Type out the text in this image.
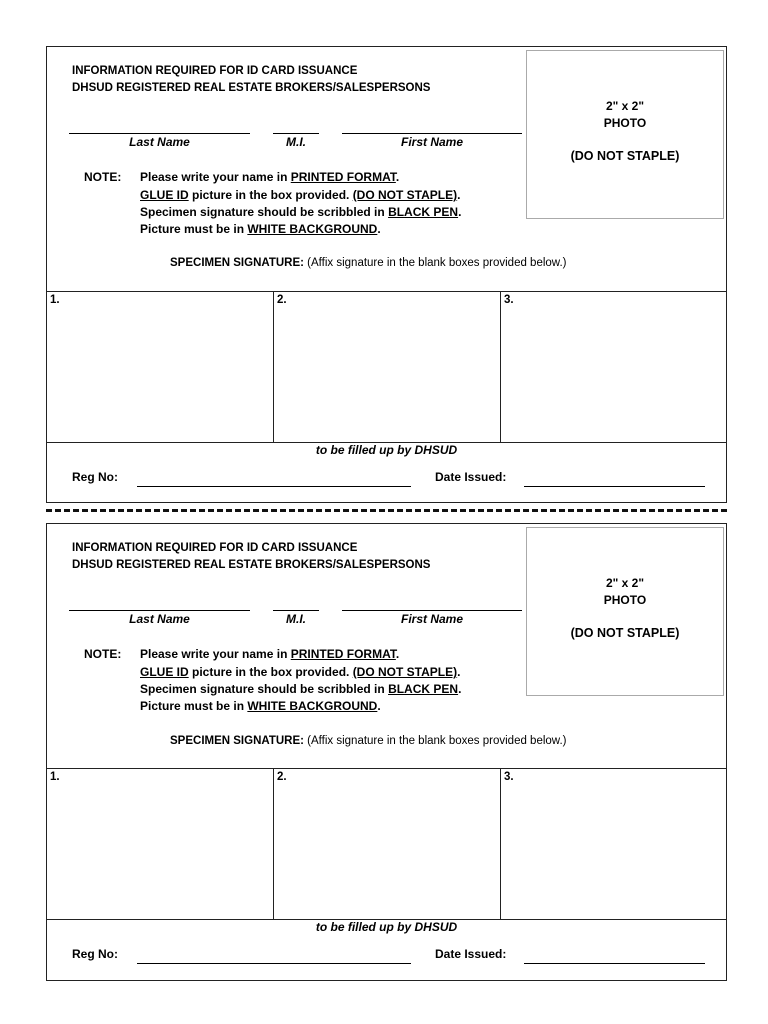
INFORMATION REQUIRED FOR ID CARD ISSUANCE
DHSUD REGISTERED REAL ESTATE BROKERS/SALESPERSONS
2" x 2"
PHOTO
(DO NOT STAPLE)
Last Name	M.I.	First Name
NOTE: Please write your name in PRINTED FORMAT.
GLUE ID picture in the box provided. (DO NOT STAPLE).
Specimen signature should be scribbled in BLACK PEN.
Picture must be in WHITE BACKGROUND.
SPECIMEN SIGNATURE: (Affix signature in the blank boxes provided below.)
1.	2.	3.
to be filled up by DHSUD
Reg No:	Date Issued:
INFORMATION REQUIRED FOR ID CARD ISSUANCE
DHSUD REGISTERED REAL ESTATE BROKERS/SALESPERSONS
2" x 2"
PHOTO
(DO NOT STAPLE)
Last Name	M.I.	First Name
NOTE: Please write your name in PRINTED FORMAT.
GLUE ID picture in the box provided. (DO NOT STAPLE).
Specimen signature should be scribbled in BLACK PEN.
Picture must be in WHITE BACKGROUND.
SPECIMEN SIGNATURE: (Affix signature in the blank boxes provided below.)
1.	2.	3.
to be filled up by DHSUD
Reg No:	Date Issued:
